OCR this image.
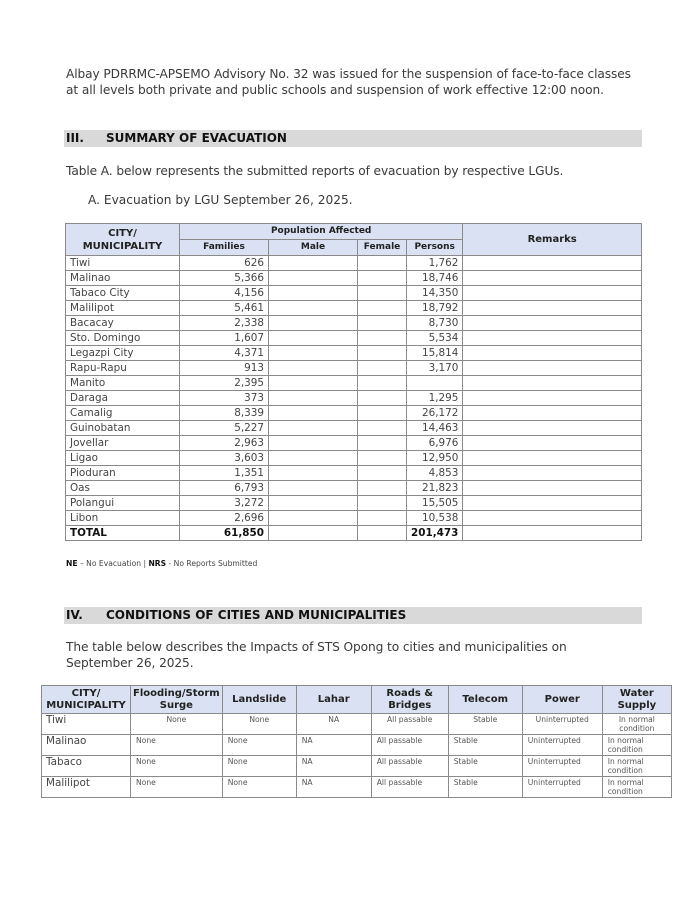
Albay PDRRMC-APSEMO Advisory No. 32 was issued for the suspension of face-to-face classes
at all levels both private and public schools and suspension of work effective 12:00 noon.
III. SUMMARY OF EVACUATION
Table A. below represents the submitted reports of evacuation by respective LGUs.
A. Evacuation by LGU September 26, 2025.
CITY/ MUNICIPALITY	Population Affected				Remarks
	Families	Male	Female	Persons	
Tiwi	626			1,762	
Malinao	5,366			18,746	
Tabaco City	4,156			14,350	
Malilipot	5,461			18,792	
Bacacay	2,338			8,730	
Sto. Domingo	1,607			5,534	
Legazpi City	4,371			15,814	
Rapu-Rapu	913			3,170	
Manito	2,395				
Daraga	373			1,295	
Camalig	8,339			26,172	
Guinobatan	5,227			14,463	
Jovellar	2,963			6,976	
Ligao	3,603			12,950	
Pioduran	1,351			4,853	
Oas	6,793			21,823	
Polangui	3,272			15,505	
Libon	2,696			10,538	
TOTAL	61,850			201,473	
NE – No Evacuation | NRS - No Reports Submitted
IV. CONDITIONS OF CITIES AND MUNICIPALITIES
The table below describes the Impacts of STS Opong to cities and municipalities on
September 26, 2025.
CITY/ MUNICIPALITY	Flooding/Storm Surge	Landslide	Lahar	Roads & Bridges	Telecom	Power	Water Supply
Tiwi	None	None	NA	All passable	Stable	Uninterrupted	In normal condition
Malinao	None	None	NA	All passable	Stable	Uninterrupted	In normal condition
Tabaco	None	None	NA	All passable	Stable	Uninterrupted	In normal condition
Malilipot	None	None	NA	All passable	Stable	Uninterrupted	In normal condition
